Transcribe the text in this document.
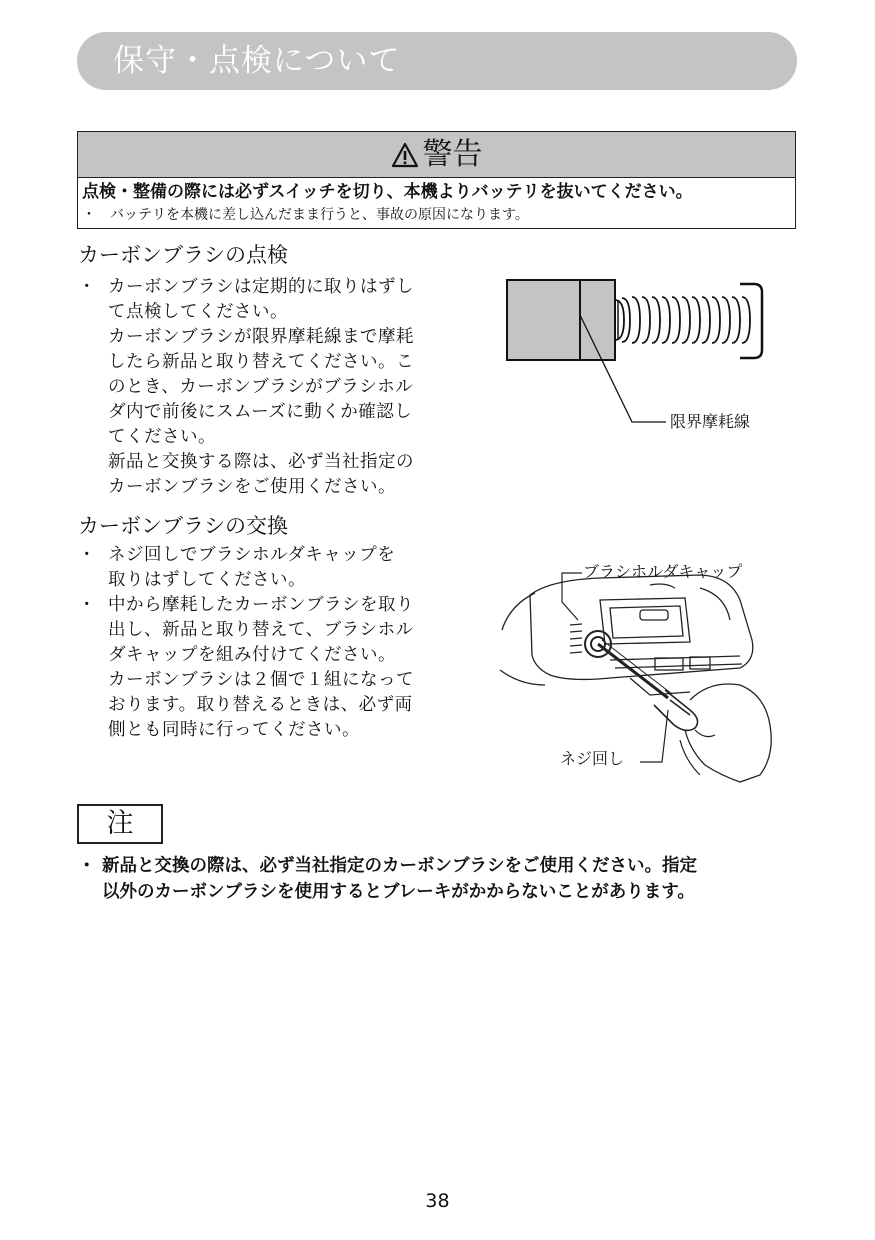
保守・点検について
警告
点検・整備の際には必ずスイッチを切り、本機よりバッテリを抜いてください。
・ バッテリを本機に差し込んだまま行うと、事故の原因になります。
カーボンブラシの点検
・ カーボンブラシは定期的に取りはずし
て点検してください。
カーボンブラシが限界摩耗線まで摩耗
したら新品と取り替えてください。こ
のとき、カーボンブラシがブラシホル
ダ内で前後にスムーズに動くか確認し
てください。
新品と交換する際は、必ず当社指定の
カーボンブラシをご使用ください。
限界摩耗線
カーボンブラシの交換
・ ネジ回しでブラシホルダキャップを
取りはずしてください。
・ 中から摩耗したカーボンブラシを取り
出し、新品と取り替えて、ブラシホル
ダキャップを組み付けてください。
カーボンブラシは２個で１組になって
おります。取り替えるときは、必ず両
側とも同時に行ってください。
ブラシホルダキャップ
ネジ回し
注
・ 新品と交換の際は、必ず当社指定のカーボンブラシをご使用ください。指定
以外のカーボンブラシを使用するとブレーキがかからないことがあります。
38
